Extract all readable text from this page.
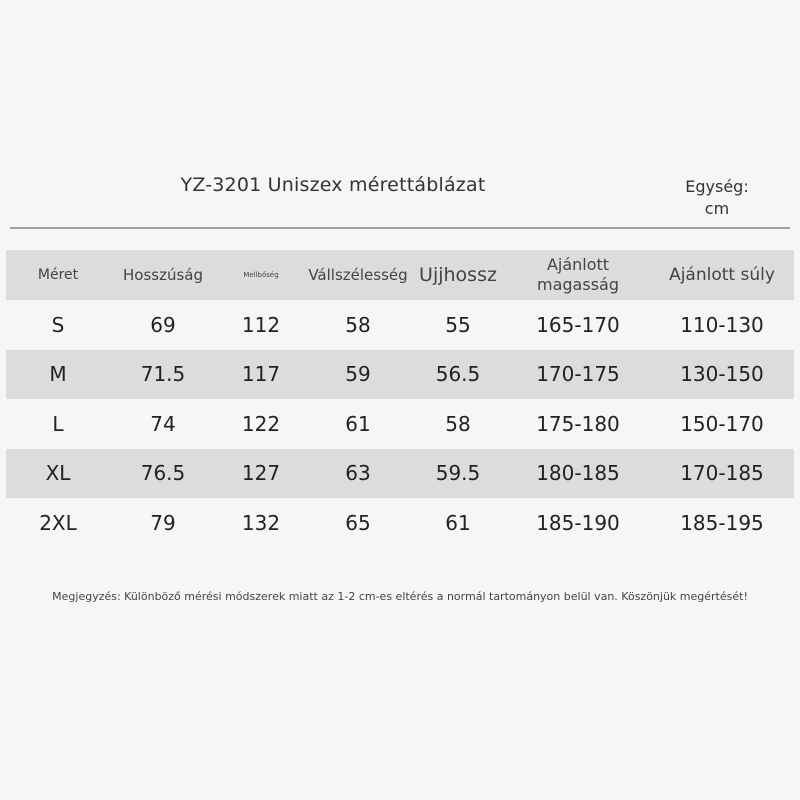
YZ-3201 Uniszex mérettáblázat	Egység:
cm
Méret	Hosszúság	Mellbőség	Vállszélesség	Ujjhossz	Ajánlott
magasság	Ajánlott súly
S	69	112	58	55	165-170	110-130
M	71.5	117	59	56.5	170-175	130-150
L	74	122	61	58	175-180	150-170
XL	76.5	127	63	59.5	180-185	170-185
2XL	79	132	65	61	185-190	185-195
Megjegyzés: Különböző mérési módszerek miatt az 1-2 cm-es eltérés a normál tartományon belül van. Köszönjük megértését!
